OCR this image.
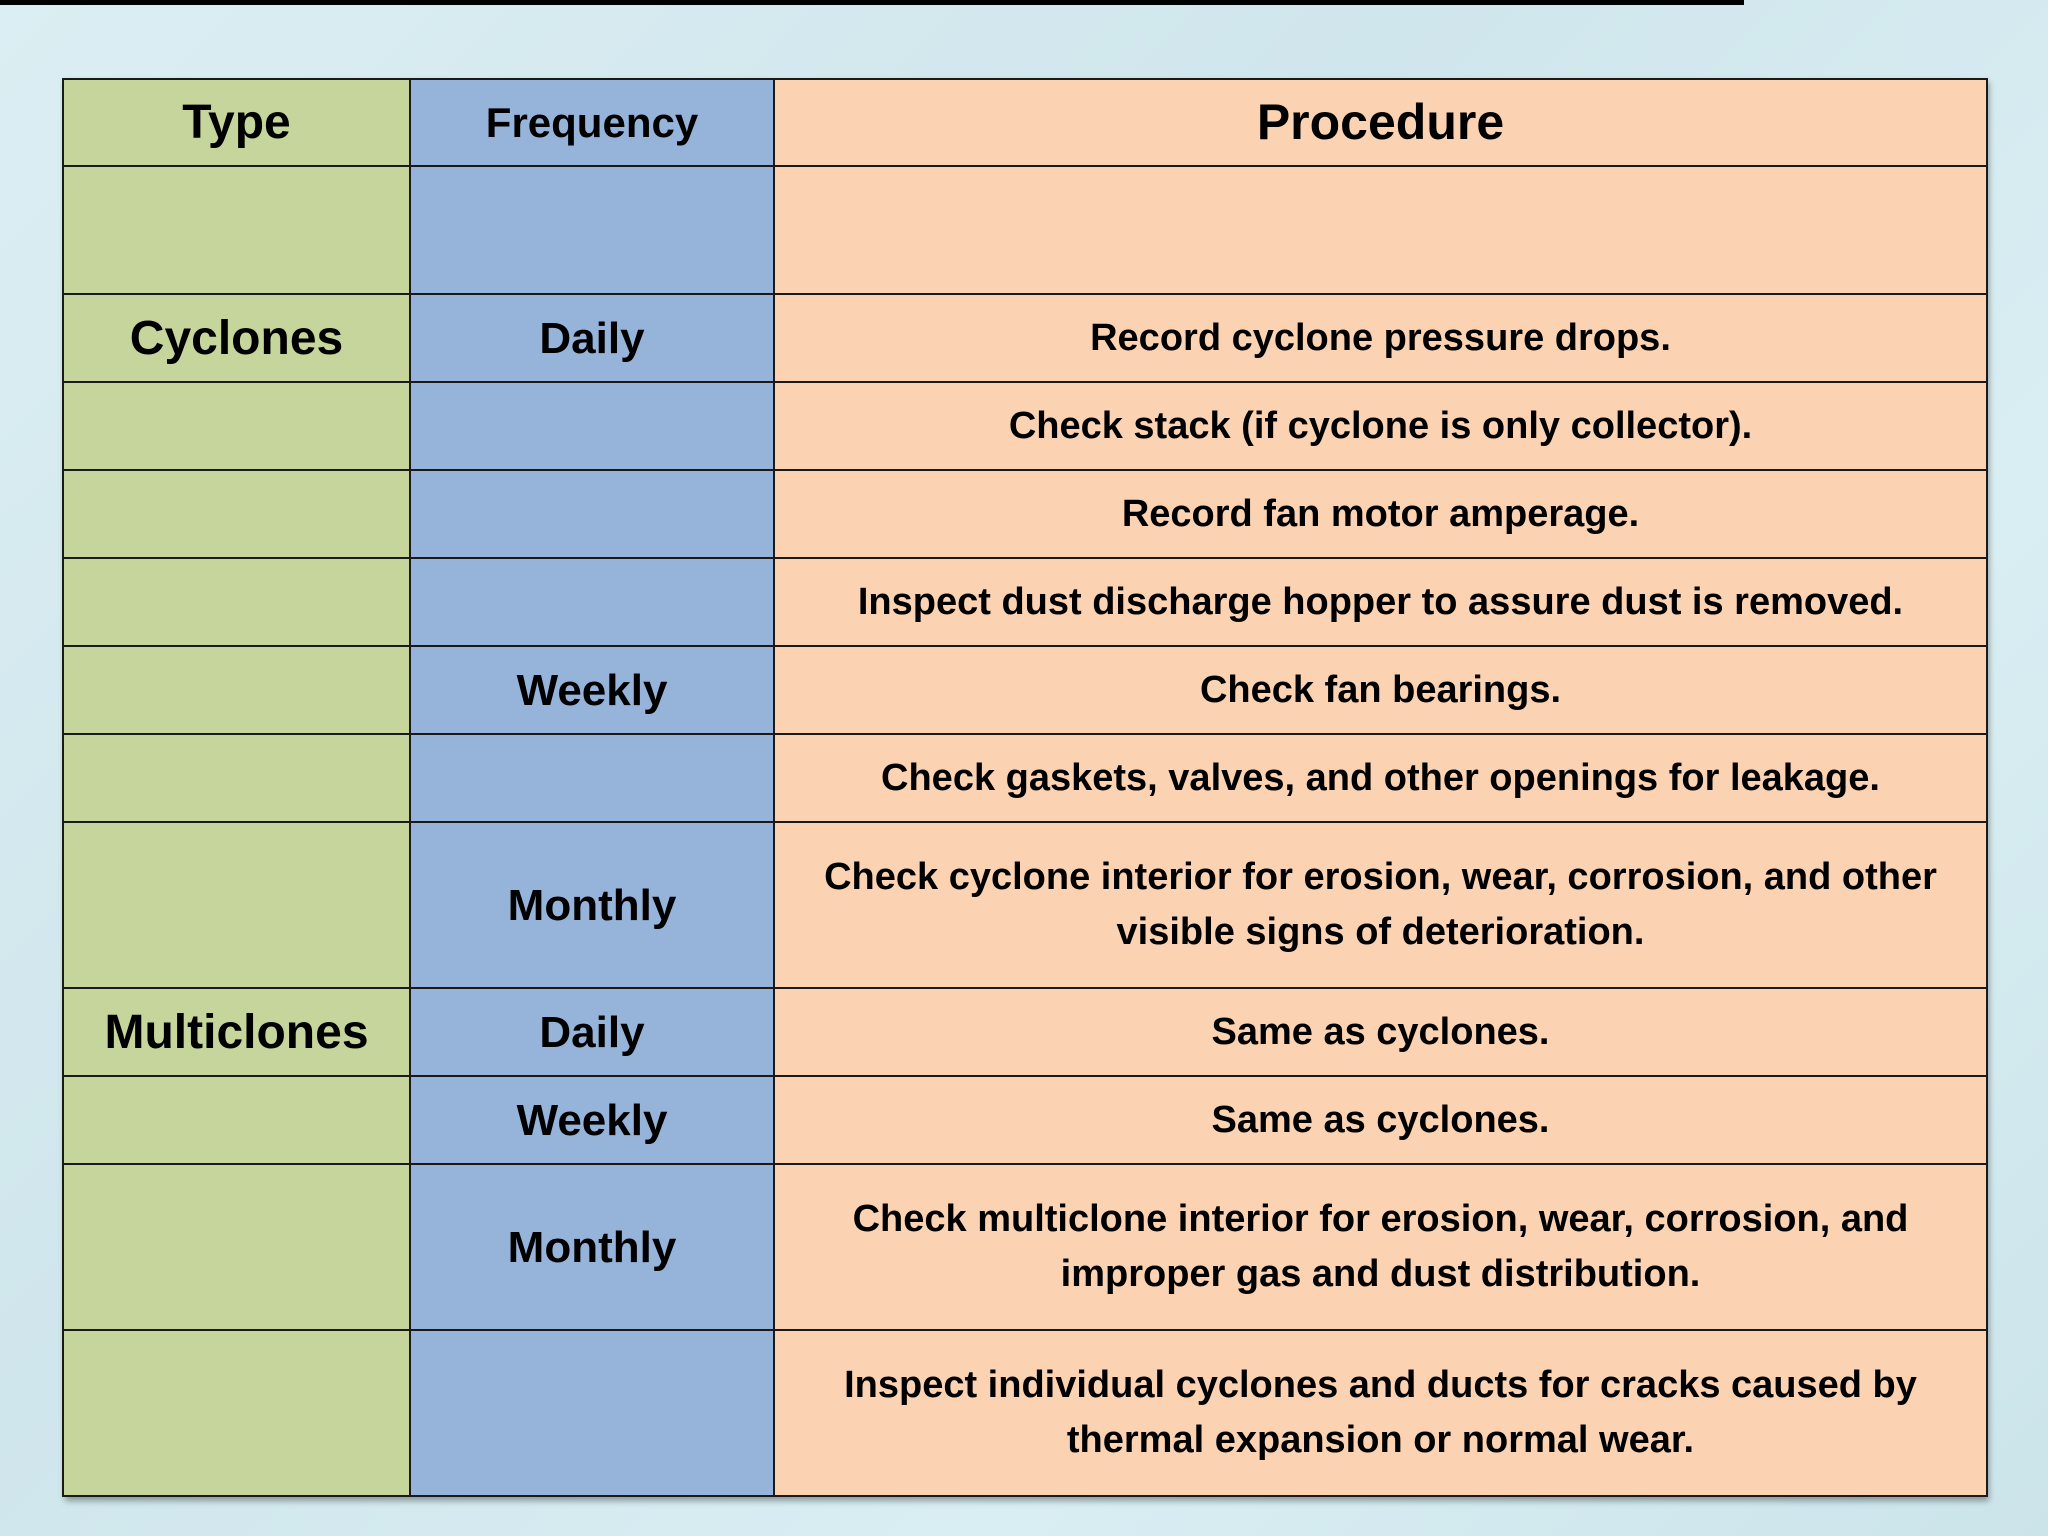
Type	Frequency	Procedure

Cyclones	Daily	Record cyclone pressure drops.
		Check stack (if cyclone is only collector).
		Record fan motor amperage.
		Inspect dust discharge hopper to assure dust is removed.
	Weekly	Check fan bearings.
		Check gaskets, valves, and other openings for leakage.
	Monthly	Check cyclone interior for erosion, wear, corrosion, and other visible signs of deterioration.
Multiclones	Daily	Same as cyclones.
	Weekly	Same as cyclones.
	Monthly	Check multiclone interior for erosion, wear, corrosion, and improper gas and dust distribution.
		Inspect individual cyclones and ducts for cracks caused by thermal expansion or normal wear.
